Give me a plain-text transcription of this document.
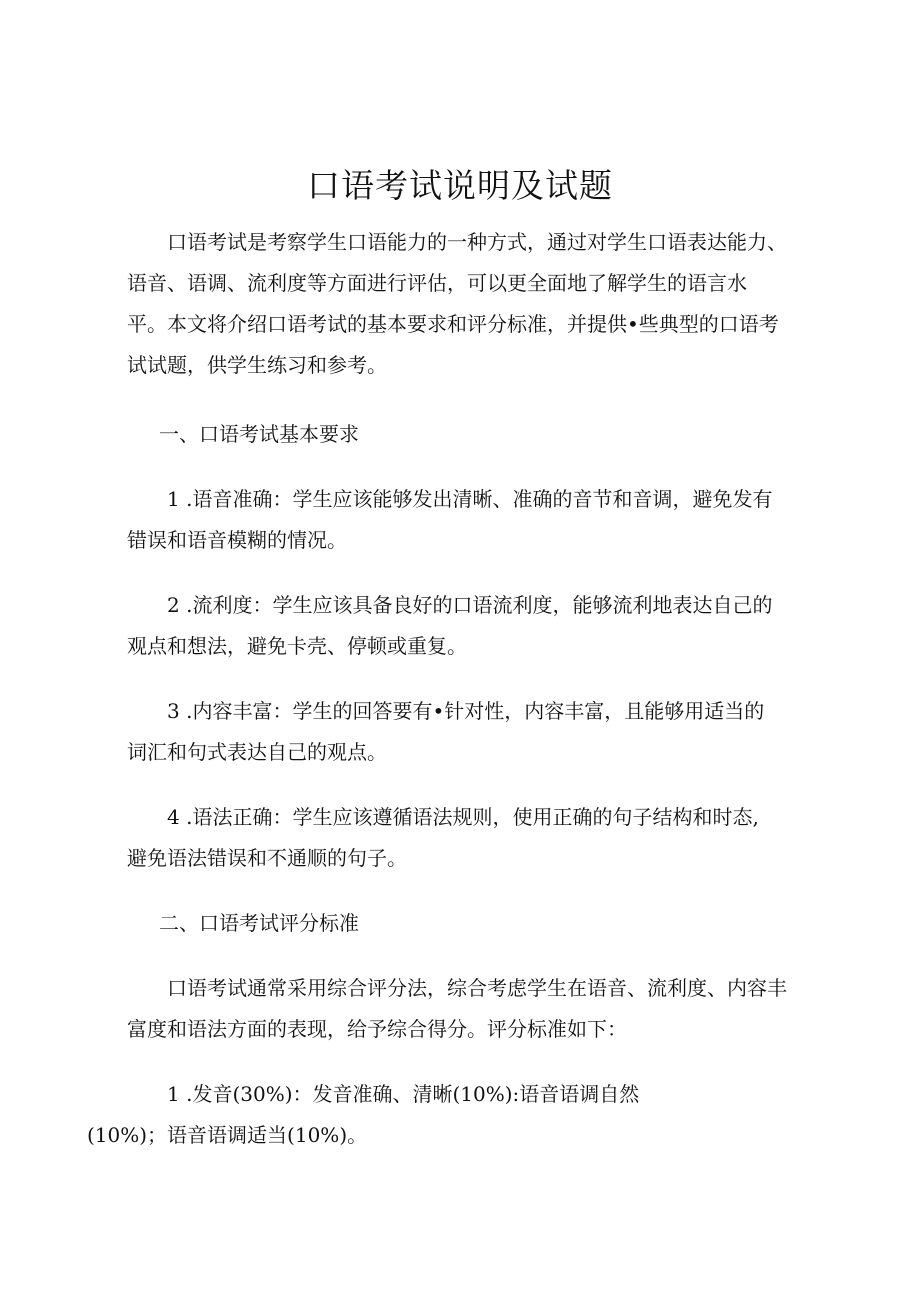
口语考试说明及试题

口语考试是考察学生口语能力的一种方式，通过对学生口语表达能力、
语音、语调、流利度等方面进行评估，可以更全面地了解学生的语言水
平。本文将介绍口语考试的基本要求和评分标准，并提供•些典型的口语考
试试题，供学生练习和参考。

一、口语考试基本要求

1 .语音准确：学生应该能够发出清晰、准确的音节和音调，避免发有
错误和语音模糊的情况。

2 .流利度：学生应该具备良好的口语流利度，能够流利地表达自己的
观点和想法，避免卡壳、停顿或重复。

3 .内容丰富：学生的回答要有•针对性，内容丰富，且能够用适当的
词汇和句式表达自己的观点。

4 .语法正确：学生应该遵循语法规则，使用正确的句子结构和时态,
避免语法错误和不通顺的句子。

二、口语考试评分标准

口语考试通常采用综合评分法，综合考虑学生在语音、流利度、内容丰
富度和语法方面的表现，给予综合得分。评分标准如下：

1 .发音(30%)：发音准确、清晰(10%):语音语调自然
(10%)；语音语调适当(10%)。
